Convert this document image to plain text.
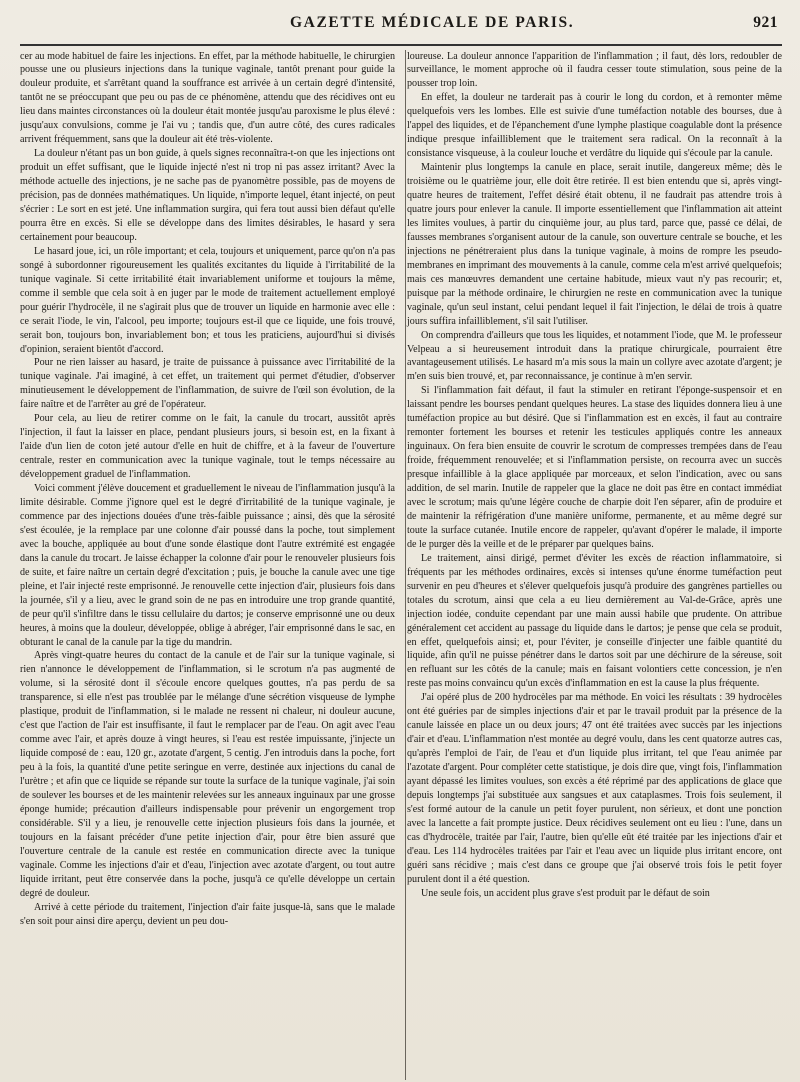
GAZETTE MÉDICALE DE PARIS.	921

cer au mode habituel de faire les injections. En effet, par la méthode habituelle, le chirurgien pousse une ou plusieurs injections dans la tunique vaginale, tantôt prenant pour guide la douleur produite, et s'arrêtant quand la souffrance est arrivée à un certain degré d'intensité, tantôt ne se préoccupant que peu ou pas de ce phénomène, attendu que des récidives ont eu lieu dans maintes circonstances où la douleur était montée jusqu'au paroxisme le plus élevé : jusqu'aux convulsions, comme je l'ai vu ; tandis que, d'un autre côté, des cures radicales arrivent fréquemment, sans que la douleur ait été très-violente.

La douleur n'étant pas un bon guide, à quels signes reconnaîtra-t-on que les injections ont produit un effet suffisant, que le liquide injecté n'est ni trop ni pas assez irritant? Avec la méthode actuelle des injections, je ne sache pas de pyanomètre possible, pas de moyens de précision, pas de données mathématiques. Un liquide, n'importe lequel, étant injecté, on peut s'écrier : Le sort en est jeté. Une inflammation surgira, qui fera tout aussi bien défaut qu'elle pourra être en excès. Si elle se développe dans des limites désirables, le hasard y sera certainement pour beaucoup.

Le hasard joue, ici, un rôle important; et cela, toujours et uniquement, parce qu'on n'a pas songé à subordonner rigoureusement les qualités excitantes du liquide à l'irritabilité de la tunique vaginale. Si cette irritabilité était invariablement uniforme et toujours la même, comme il semble que cela soit à en juger par le mode de traitement actuellement employé pour guérir l'hydrocèle, il ne s'agirait plus que de trouver un liquide en harmonie avec elle : ce serait l'iode, le vin, l'alcool, peu importe; toujours est-il que ce liquide, une fois trouvé, serait bon, toujours bon, invariablement bon; et tous les praticiens, aujourd'hui si divisés d'opinion, seraient bientôt d'accord.

Pour ne rien laisser au hasard, je traite de puissance à puissance avec l'irritabilité de la tunique vaginale. J'ai imaginé, à cet effet, un traitement qui permet d'étudier, d'observer minutieusement le développement de l'inflammation, de suivre de l'œil son évolution, de la faire naître et de l'arrêter au gré de l'opérateur.

Pour cela, au lieu de retirer comme on le fait, la canule du trocart, aussitôt après l'injection, il faut la laisser en place, pendant plusieurs jours, si besoin est, en la fixant à l'aide d'un lien de coton jeté autour d'elle en huit de chiffre, et à la faveur de l'ouverture centrale, rester en communication avec la tunique vaginale, tout le temps nécessaire au développement graduel de l'inflammation.

Voici comment j'élève doucement et graduellement le niveau de l'inflammation jusqu'à la limite désirable. Comme j'ignore quel est le degré d'irritabilité de la tunique vaginale, je commence par des injections douées d'une très-faible puissance ; ainsi, dès que la sérosité s'est écoulée, je la remplace par une colonne d'air poussé dans la poche, tout simplement avec la bouche, appliquée au bout d'une sonde élastique dont l'autre extrémité est engagée dans la canule du trocart. Je laisse échapper la colonne d'air pour le renouveler plusieurs fois de suite, et faire naître un certain degré d'excitation ; puis, je bouche la canule avec une tige pleine, et l'air injecté reste emprisonné. Je renouvelle cette injection d'air, plusieurs fois dans la journée, s'il y a lieu, avec le grand soin de ne pas en introduire une trop grande quantité, de peur qu'il s'infiltre dans le tissu cellulaire du dartos; je conserve emprisonné une ou deux heures, à moins que la douleur, développée, oblige à abréger, l'air emprisonné dans le sac, en obturant le canal de la canule par la tige du mandrin.

Après vingt-quatre heures du contact de la canule et de l'air sur la tunique vaginale, si rien n'annonce le développement de l'inflammation, si le scrotum n'a pas augmenté de volume, si la sérosité dont il s'écoule encore quelques gouttes, n'a pas perdu de sa transparence, si elle n'est pas troublée par le mélange d'une sécrétion visqueuse de lymphe plastique, produit de l'inflammation, si le malade ne ressent ni chaleur, ni douleur aucune, c'est que l'action de l'air est insuffisante, il faut le remplacer par de l'eau. On agit avec l'eau comme avec l'air, et après douze à vingt heures, si l'eau est restée impuissante, j'injecte un liquide composé de : eau, 120 gr., azotate d'argent, 5 centig. J'en introduis dans la poche, fort peu à la fois, la quantité d'une petite seringue en verre, destinée aux injections du canal de l'urètre ; et afin que ce liquide se répande sur toute la surface de la tunique vaginale, j'ai soin de soulever les bourses et de les maintenir relevées sur les anneaux inguinaux par une grosse éponge humide; précaution d'ailleurs indispensable pour prévenir un engorgement trop considérable. S'il y a lieu, je renouvelle cette injection plusieurs fois dans la journée, et toujours en la faisant précéder d'une petite injection d'air, pour être bien assuré que l'ouverture centrale de la canule est restée en communication directe avec la tunique vaginale. Comme les injections d'air et d'eau, l'injection avec azotate d'argent, ou tout autre liquide irritant, peut être conservée dans la poche, jusqu'à ce qu'elle développe un certain degré de douleur.

Arrivé à cette période du traitement, l'injection d'air faite jusque-là, sans que le malade s'en soit pour ainsi dire aperçu, devient un peu dou-

loureuse. La douleur annonce l'apparition de l'inflammation ; il faut, dès lors, redoubler de surveillance, le moment approche où il faudra cesser toute stimulation, sous peine de la pousser trop loin.

En effet, la douleur ne tarderait pas à courir le long du cordon, et à remonter même quelquefois vers les lombes. Elle est suivie d'une tuméfaction notable des bourses, due à l'appel des liquides, et de l'épanchement d'une lymphe plastique coagulable dont la présence indique presque infailliblement que le traitement sera radical. On la reconnaît à la consistance visqueuse, à la couleur louche et verdâtre du liquide qui s'écoule par la canule.

Maintenir plus longtemps la canule en place, serait inutile, dangereux même; dès le troisième ou le quatrième jour, elle doit être retirée. Il est bien entendu que si, après vingt-quatre heures de traitement, l'effet désiré était obtenu, il ne faudrait pas attendre trois à quatre jours pour enlever la canule. Il importe essentiellement que l'inflammation ait atteint les limites voulues, à partir du cinquième jour, au plus tard, parce que, passé ce délai, de fausses membranes s'organisent autour de la canule, son ouverture centrale se bouche, et les injections ne pénétreraient plus dans la tunique vaginale, à moins de rompre les pseudo-membranes en imprimant des mouvements à la canule, comme cela m'est arrivé quelquefois; mais ces manœuvres demandent une certaine habitude, mieux vaut n'y pas recourir; et, puisque par la méthode ordinaire, le chirurgien ne reste en communication avec la tunique vaginale, qu'un seul instant, celui pendant lequel il fait l'injection, le délai de trois à quatre jours suffira infailliblement, s'il sait l'utiliser.

On comprendra d'ailleurs que tous les liquides, et notamment l'iode, que M. le professeur Velpeau a si heureusement introduit dans la pratique chirurgicale, pourraient être avantageusement utilisés. Le hasard m'a mis sous la main un collyre avec azotate d'argent; je m'en suis bien trouvé, et, par reconnaissance, je continue à m'en servir.

Si l'inflammation fait défaut, il faut la stimuler en retirant l'éponge-suspensoir et en laissant pendre les bourses pendant quelques heures. La stase des liquides donnera lieu à une tuméfaction propice au but désiré. Que si l'inflammation est en excès, il faut au contraire remonter fortement les bourses et retenir les testicules appliqués contre les anneaux inguinaux. On fera bien ensuite de couvrir le scrotum de compresses trempées dans de l'eau froide, fréquemment renouvelée; et si l'inflammation persiste, on recourra avec un succès presque infaillible à la glace appliquée par morceaux, et selon l'indication, avec ou sans addition, de sel marin. Inutile de rappeler que la glace ne doit pas être en contact immédiat avec le scrotum; mais qu'une légère couche de charpie doit l'en séparer, afin de produire et de maintenir la réfrigération d'une manière uniforme, permanente, et au même degré sur toute la surface cutanée. Inutile encore de rappeler, qu'avant d'opérer le malade, il importe de le purger dès la veille et de le préparer par quelques bains.

Le traitement, ainsi dirigé, permet d'éviter les excès de réaction inflammatoire, si fréquents par les méthodes ordinaires, excès si intenses qu'une énorme tuméfaction peut survenir en peu d'heures et s'élever quelquefois jusqu'à produire des gangrènes partielles ou totales du scrotum, ainsi que cela a eu lieu dernièrement au Val-de-Grâce, après une injection iodée, conduite cependant par une main aussi habile que prudente. On attribue généralement cet accident au passage du liquide dans le dartos; je pense que cela se produit, en effet, quelquefois ainsi; et, pour l'éviter, je conseille d'injecter une faible quantité du liquide, afin qu'il ne puisse pénétrer dans le dartos soit par une déchirure de la séreuse, soit en refluant sur les côtés de la canule; mais en faisant volontiers cette concession, je n'en reste pas moins convaincu qu'un excès d'inflammation en est la cause la plus fréquente.

J'ai opéré plus de 200 hydrocèles par ma méthode. En voici les résultats : 39 hydrocèles ont été guéries par de simples injections d'air et par le travail produit par la présence de la canule laissée en place un ou deux jours; 47 ont été traitées avec succès par les injections d'air et d'eau. L'inflammation n'est montée au degré voulu, dans les cent quatorze autres cas, qu'après l'emploi de l'air, de l'eau et d'un liquide plus irritant, tel que l'eau animée par l'azotate d'argent. Pour compléter cette statistique, je dois dire que, vingt fois, l'inflammation ayant dépassé les limites voulues, son excès a été réprimé par des applications de glace que depuis longtemps j'ai substituée aux sangsues et aux cataplasmes. Trois fois seulement, il s'est formé autour de la canule un petit foyer purulent, non sérieux, et dont une ponction avec la lancette a fait prompte justice. Deux récidives seulement ont eu lieu : l'une, dans un cas d'hydrocèle, traitée par l'air, l'autre, bien qu'elle eût été traitée par les injections d'air et d'eau. Les 114 hydrocèles traitées par l'air et l'eau avec un liquide plus irritant encore, ont guéri sans récidive ; mais c'est dans ce groupe que j'ai observé trois fois le petit foyer purulent dont il a été question.

Une seule fois, un accident plus grave s'est produit par le défaut de soin
